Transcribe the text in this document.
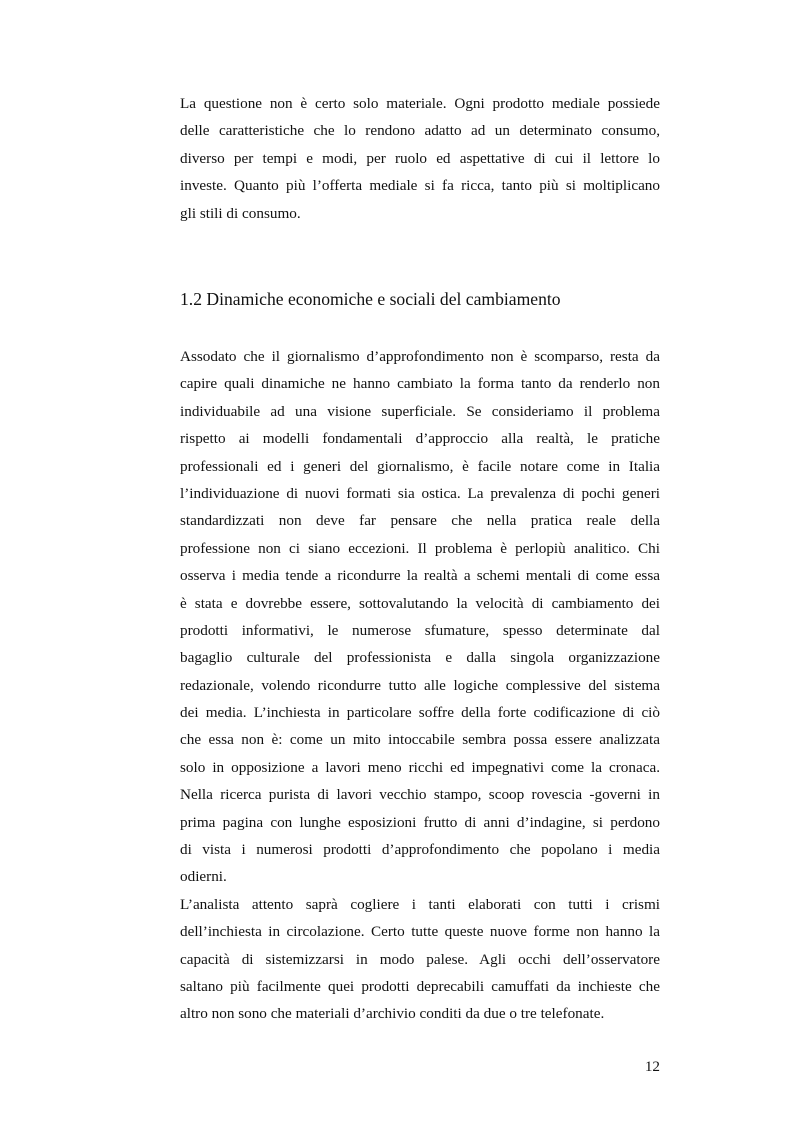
La questione non è certo solo materiale. Ogni prodotto mediale possiede
delle caratteristiche che lo rendono adatto ad un determinato consumo,
diverso per tempi e modi, per ruolo ed aspettative di cui il lettore lo
investe. Quanto più l’offerta mediale si fa ricca, tanto più si moltiplicano
gli stili di consumo.
1.2 Dinamiche economiche e sociali del cambiamento
Assodato che il giornalismo d’approfondimento non è scomparso, resta da
capire quali dinamiche ne hanno cambiato la forma tanto da renderlo non
individuabile ad una visione superficiale. Se consideriamo il problema
rispetto ai modelli fondamentali d’approccio alla realtà, le pratiche
professionali ed i generi del giornalismo, è facile notare come in Italia
l’individuazione di nuovi formati sia ostica. La prevalenza di pochi generi
standardizzati non deve far pensare che nella pratica reale della
professione non ci siano eccezioni. Il problema è perlopiù analitico. Chi
osserva i media tende a ricondurre la realtà a schemi mentali di come essa
è stata e dovrebbe essere, sottovalutando la velocità di cambiamento dei
prodotti informativi, le numerose sfumature, spesso determinate dal
bagaglio culturale del professionista e dalla singola organizzazione
redazionale, volendo ricondurre tutto alle logiche complessive del sistema
dei media. L’inchiesta in particolare soffre della forte codificazione di ciò
che essa non è: come un mito intoccabile sembra possa essere analizzata
solo in opposizione a lavori meno ricchi ed impegnativi come la cronaca.
Nella ricerca purista di lavori vecchio stampo, scoop rovescia -governi in
prima pagina con lunghe esposizioni frutto di anni d’indagine, si perdono
di vista i numerosi prodotti d’approfondimento che popolano i media
odierni.
L’analista attento saprà cogliere i tanti elaborati con tutti i crismi
dell’inchiesta in circolazione. Certo tutte queste nuove forme non hanno la
capacità di sistemizzarsi in modo palese. Agli occhi dell’osservatore
saltano più facilmente quei prodotti deprecabili camuffati da inchieste che
altro non sono che materiali d’archivio conditi da due o tre telefonate.
12
